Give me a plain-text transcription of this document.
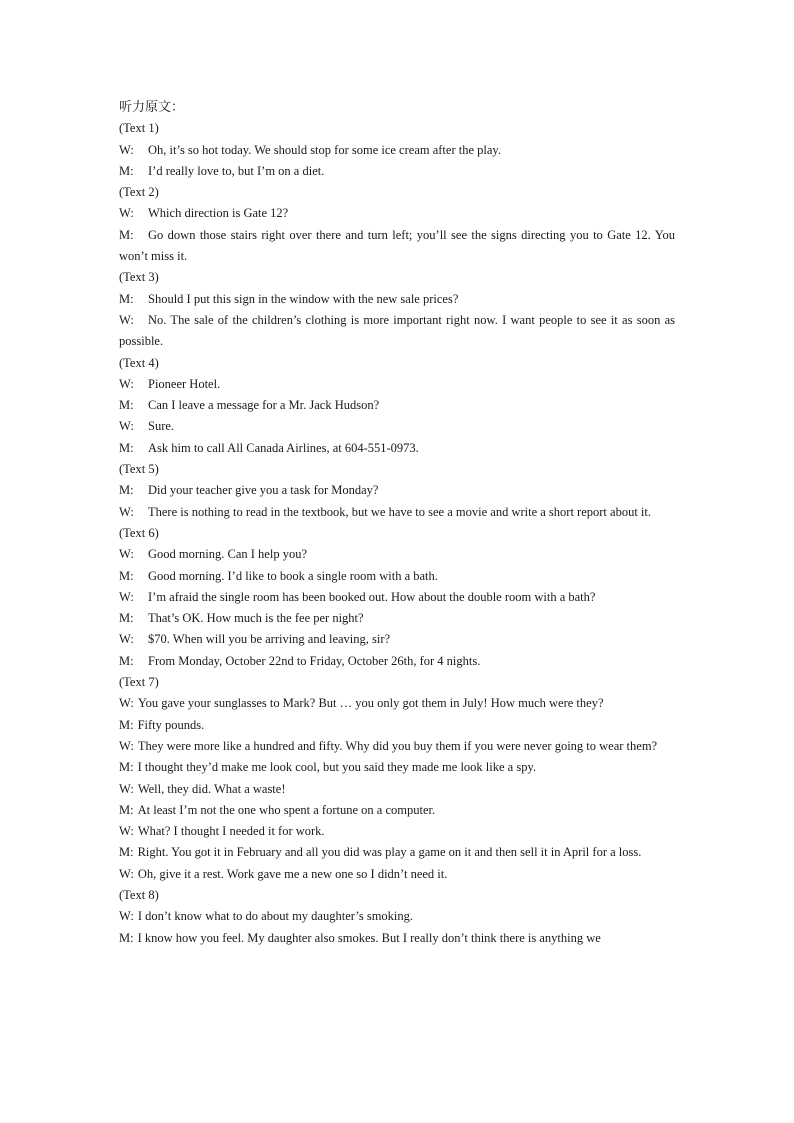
听力原文：
(Text 1)
W: Oh, it’s so hot today. We should stop for some ice cream after the play.
M: I’d really love to, but I’m on a diet.
(Text 2)
W: Which direction is Gate 12?
M: Go down those stairs right over there and turn left; you’ll see the signs directing you to Gate 12. You won’t miss it.
(Text 3)
M: Should I put this sign in the window with the new sale prices?
W: No. The sale of the children’s clothing is more important right now. I want people to see it as soon as possible.
(Text 4)
W: Pioneer Hotel.
M: Can I leave a message for a Mr. Jack Hudson?
W: Sure.
M: Ask him to call All Canada Airlines, at 604-551-0973.
(Text 5)
M: Did your teacher give you a task for Monday?
W: There is nothing to read in the textbook, but we have to see a movie and write a short report about it.
(Text 6)
W: Good morning. Can I help you?
M: Good morning. I’d like to book a single room with a bath.
W: I’m afraid the single room has been booked out. How about the double room with a bath?
M: That’s OK. How much is the fee per night?
W: $70. When will you be arriving and leaving, sir?
M: From Monday, October 22nd to Friday, October 26th, for 4 nights.
(Text 7)
W: You gave your sunglasses to Mark? But … you only got them in July! How much were they?
M: Fifty pounds.
W: They were more like a hundred and fifty. Why did you buy them if you were never going to wear them?
M: I thought they’d make me look cool, but you said they made me look like a spy.
W: Well, they did. What a waste!
M: At least I’m not the one who spent a fortune on a computer.
W: What? I thought I needed it for work.
M: Right. You got it in February and all you did was play a game on it and then sell it in April for a loss.
W: Oh, give it a rest. Work gave me a new one so I didn’t need it.
(Text 8)
W: I don’t know what to do about my daughter’s smoking.
M: I know how you feel. My daughter also smokes. But I really don’t think there is anything we
